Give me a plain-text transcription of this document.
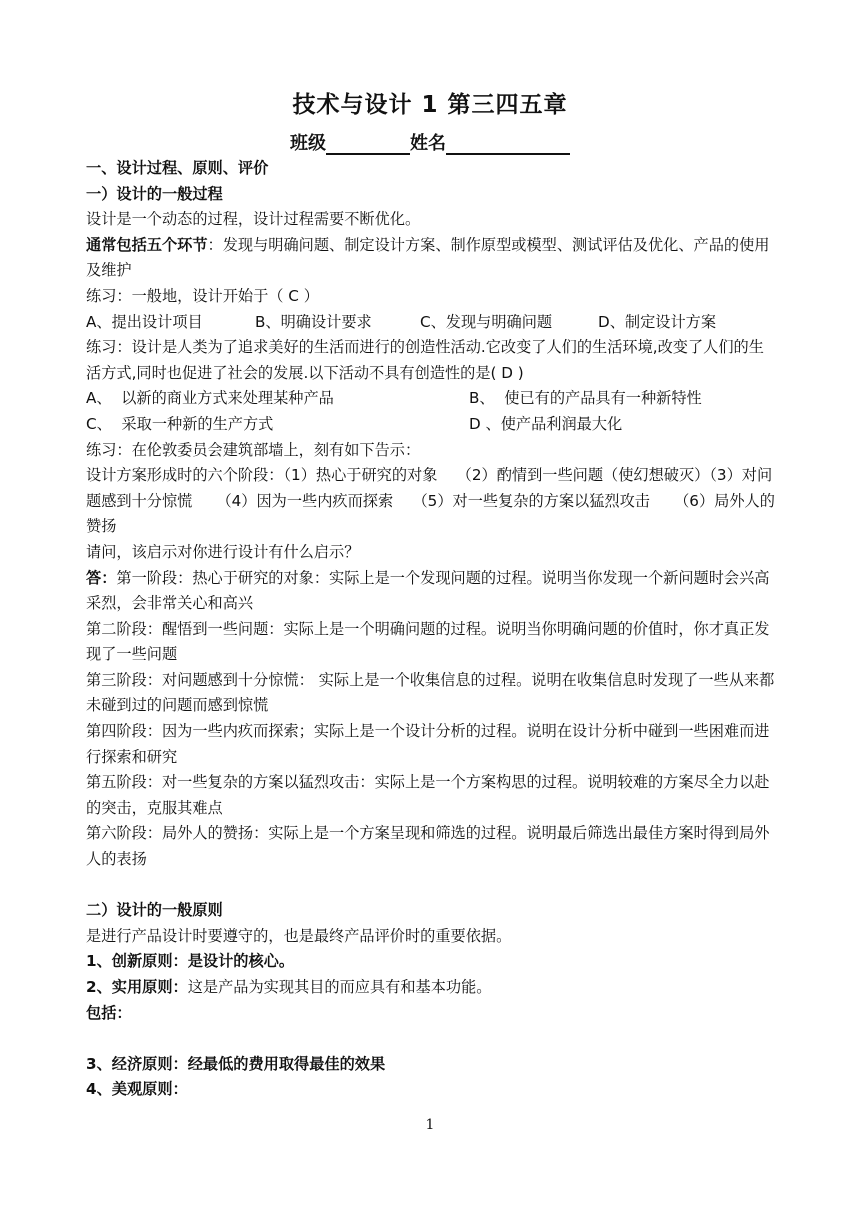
技术与设计 1 第三四五章
班级	姓名

一、设计过程、原则、评价

一）设计的一般过程

设计是一个动态的过程，设计过程需要不断优化。

通常包括五个环节：发现与明确问题、制定设计方案、制作原型或模型、测试评估及优化、产品的使用及维护

练习：一般地，设计开始于（ C ）

A、提出设计项目	B、明确设计要求	C、发现与明确问题	D、制定设计方案

练习：设计是人类为了追求美好的生活而进行的创造性活动.它改变了人们的生活环境,改变了人们的生活方式,同时也促进了社会的发展.以下活动不具有创造性的是( D )

A、  以新的商业方式来处理某种产品	B、  使已有的产品具有一种新特性
C、  采取一种新的生产方式	D 、使产品利润最大化

练习：在伦敦委员会建筑部墙上，刻有如下告示：

设计方案形成时的六个阶段：（1）热心于研究的对象    （2）酌情到一些问题（使幻想破灭）（3）对问题感到十分惊慌     （4）因为一些内疚而探索    （5）对一些复杂的方案以猛烈攻击     （6）局外人的赞扬

请问，该启示对你进行设计有什么启示？

答：第一阶段：热心于研究的对象：实际上是一个发现问题的过程。说明当你发现一个新问题时会兴高采烈，会非常关心和高兴

第二阶段：醒悟到一些问题：实际上是一个明确问题的过程。说明当你明确问题的价值时，你才真正发现了一些问题

第三阶段：对问题感到十分惊慌： 实际上是一个收集信息的过程。说明在收集信息时发现了一些从来都未碰到过的问题而感到惊慌

第四阶段：因为一些内疚而探索；实际上是一个设计分析的过程。说明在设计分析中碰到一些困难而进行探索和研究

第五阶段：对一些复杂的方案以猛烈攻击：实际上是一个方案构思的过程。说明较难的方案尽全力以赴的突击，克服其难点

第六阶段：局外人的赞扬：实际上是一个方案呈现和筛选的过程。说明最后筛选出最佳方案时得到局外人的表扬

二）设计的一般原则

是进行产品设计时要遵守的，也是最终产品评价时的重要依据。

1、创新原则：是设计的核心。

2、实用原则：这是产品为实现其目的而应具有和基本功能。

包括：

3、经济原则：经最低的费用取得最佳的效果

4、美观原则：

1
